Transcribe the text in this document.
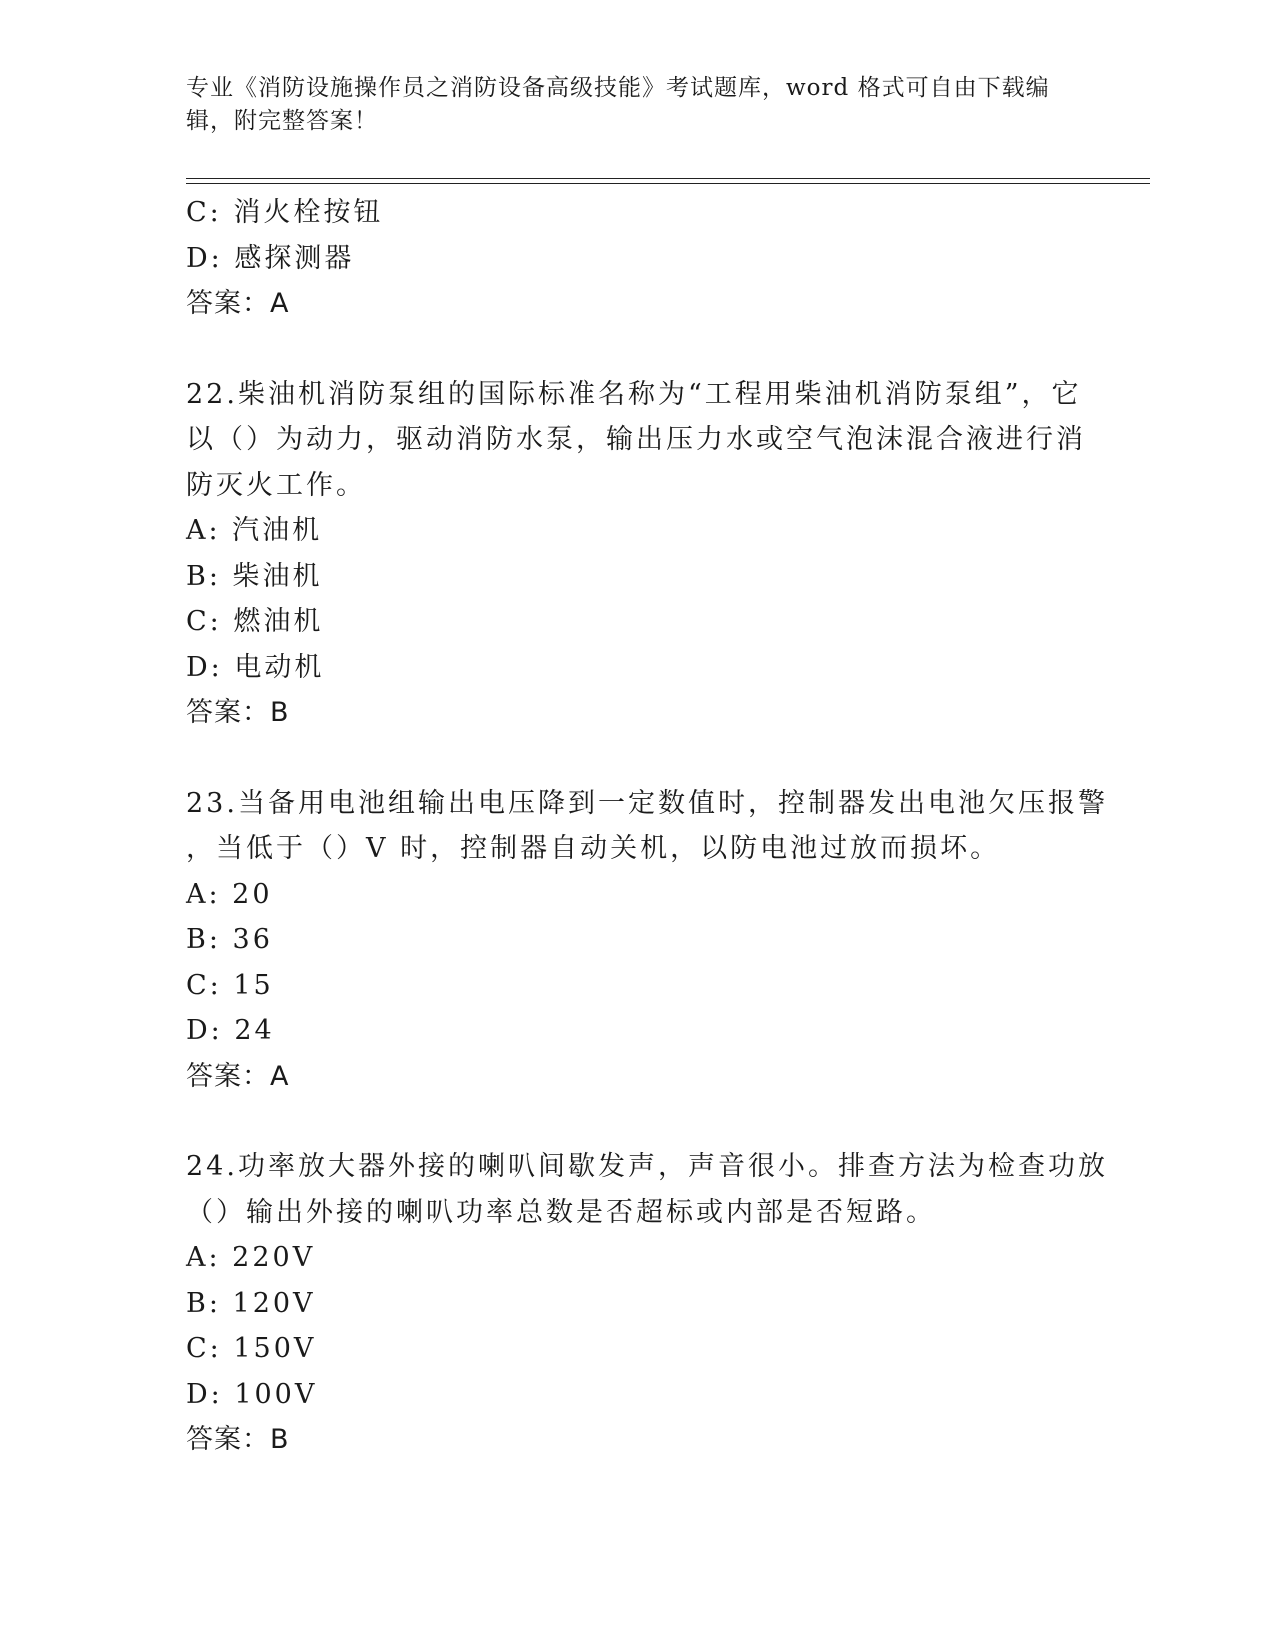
专业《消防设施操作员之消防设备高级技能》考试题库，word 格式可自由下载编
辑，附完整答案！
C: 消火栓按钮
D: 感探测器
答案：A
22.柴油机消防泵组的国际标准名称为“工程用柴油机消防泵组”，它
以（）为动力，驱动消防水泵，输出压力水或空气泡沫混合液进行消
防灭火工作。
A: 汽油机
B: 柴油机
C: 燃油机
D: 电动机
答案：B
23.当备用电池组输出电压降到一定数值时，控制器发出电池欠压报警
，当低于（）V 时，控制器自动关机，以防电池过放而损坏。
A: 20
B: 36
C: 15
D: 24
答案：A
24.功率放大器外接的喇叭间歇发声，声音很小。排查方法为检查功放
（）输出外接的喇叭功率总数是否超标或内部是否短路。
A: 220V
B: 120V
C: 150V
D: 100V
答案：B
